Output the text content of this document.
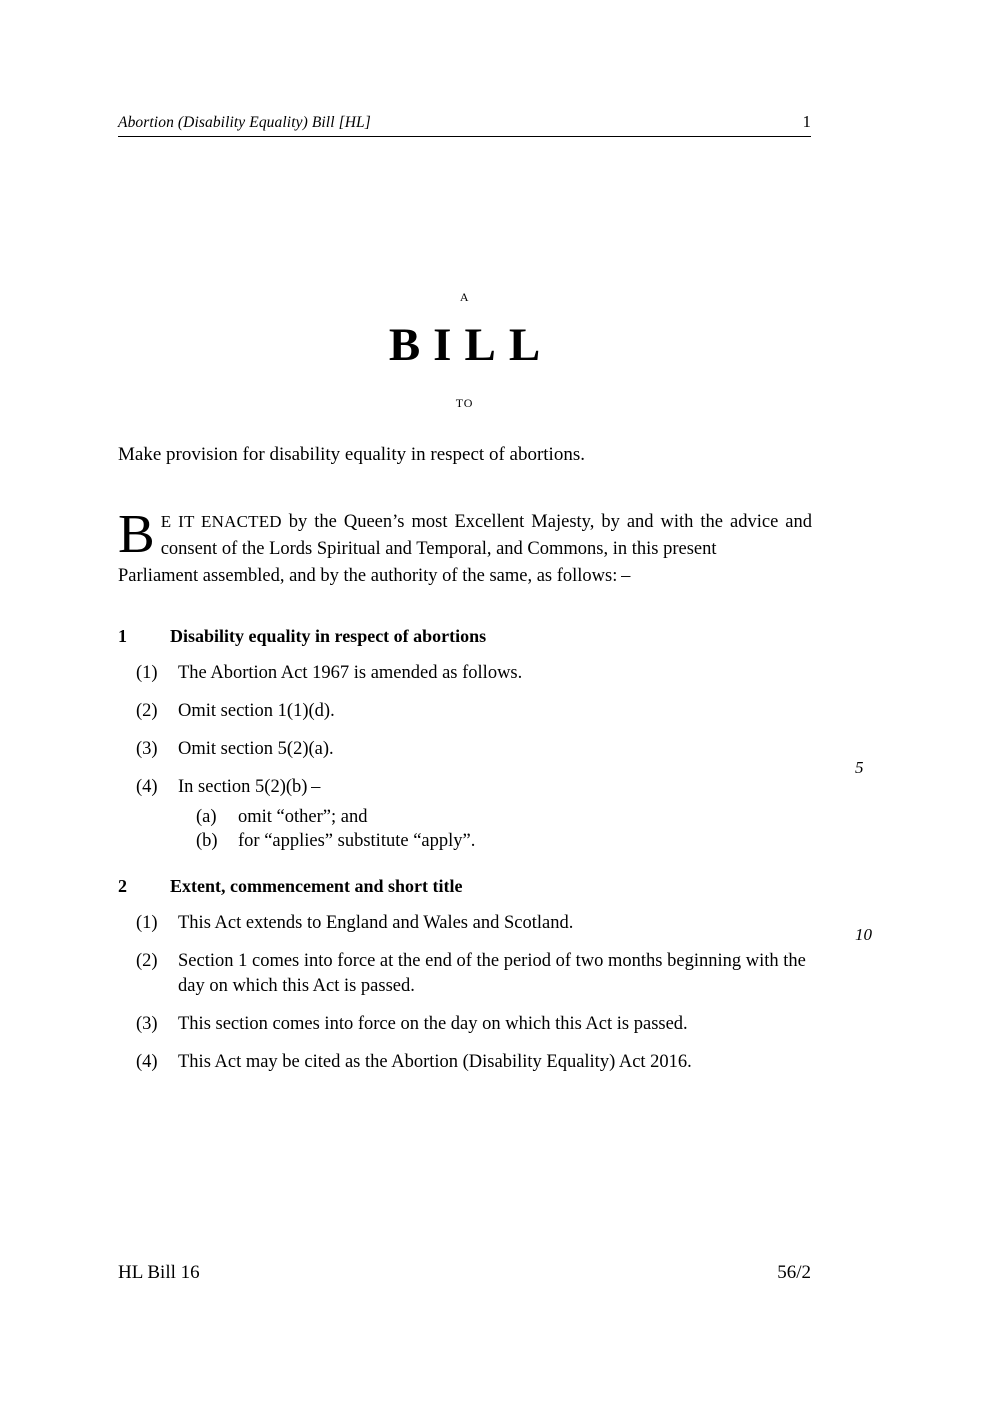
Abortion (Disability Equality) Bill [HL]	1
A
BILL
TO
Make provision for disability equality in respect of abortions.

B E IT ENACTED by the Queen’s most Excellent Majesty, by and with the advice and consent of the Lords Spiritual and Temporal, and Commons, in this present

Parliament assembled, and by the authority of the same, as follows: –

1 Disability equality in respect of abortions
(1)	The Abortion Act 1967 is amended as follows.
(2)	Omit section 1(1)(d).
(3)	Omit section 5(2)(a).
(4)	In section 5(2)(b) –
(a)	omit “other”; and
(b)	for “applies” substitute “apply”.
2 Extent, commencement and short title
(1)	This Act extends to England and Wales and Scotland.
(2)	Section 1 comes into force at the end of the period of two months beginning with the day on which this Act is passed.
(3)	This section comes into force on the day on which this Act is passed.
(4)	This Act may be cited as the Abortion (Disability Equality) Act 2016.
5
10
HL Bill 16	56/2
